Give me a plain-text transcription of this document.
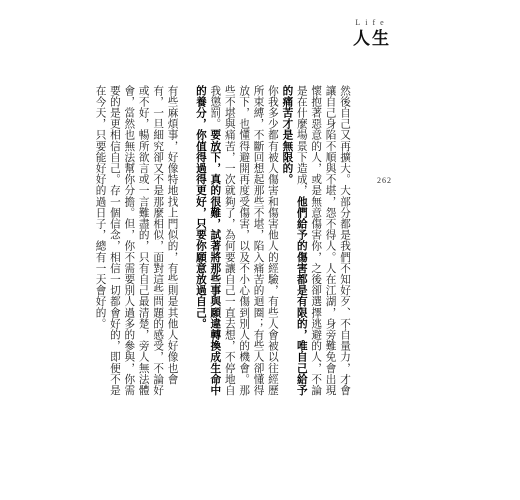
Life
人生
262

然後自己又再擴大。大部分都是我們不知好歹、不自量力，才會讓自己身陷不順與不堪，怨不得人。人在江湖，身旁難免會出現懷抱著惡意的人，或是無意傷害你，之後卻選擇逃避的人，不論是在什麼場景下造成，他們給予的傷害都是有限的，唯自己給予的痛苦才是無限的。

你我多少都有被人傷害和傷害他人的經驗，有些人會被以往經歷所束縛，不斷回想起那些不堪，陷入痛苦的迴圈；有些人卻懂得放下，也懂得避開再度受傷害，以及不小心傷到別人的機會。那些不堪與痛苦，一次就夠了，為何要讓自己一直去想，不停地自我懲罰。要放下，真的很難，試著將那些事與願違轉換成生命中的養分，你值得過得更好，只要你願意放過自己。

有些麻煩事，好像特地找上門似的，有些則是其他人好像也會有，一旦細究卻又不是那麼相似，面對這些問題的感受，不論好或不好，暢所欲言或一言難盡的，只有自己最清楚，旁人無法體會，當然也無法幫你分擔。但，你不需要別人過多的參與，你需要的是更相信自己。存一個信念，相信一切都會好的，即便不是在今天，只要能好好的過日子，總有一天會好的。
